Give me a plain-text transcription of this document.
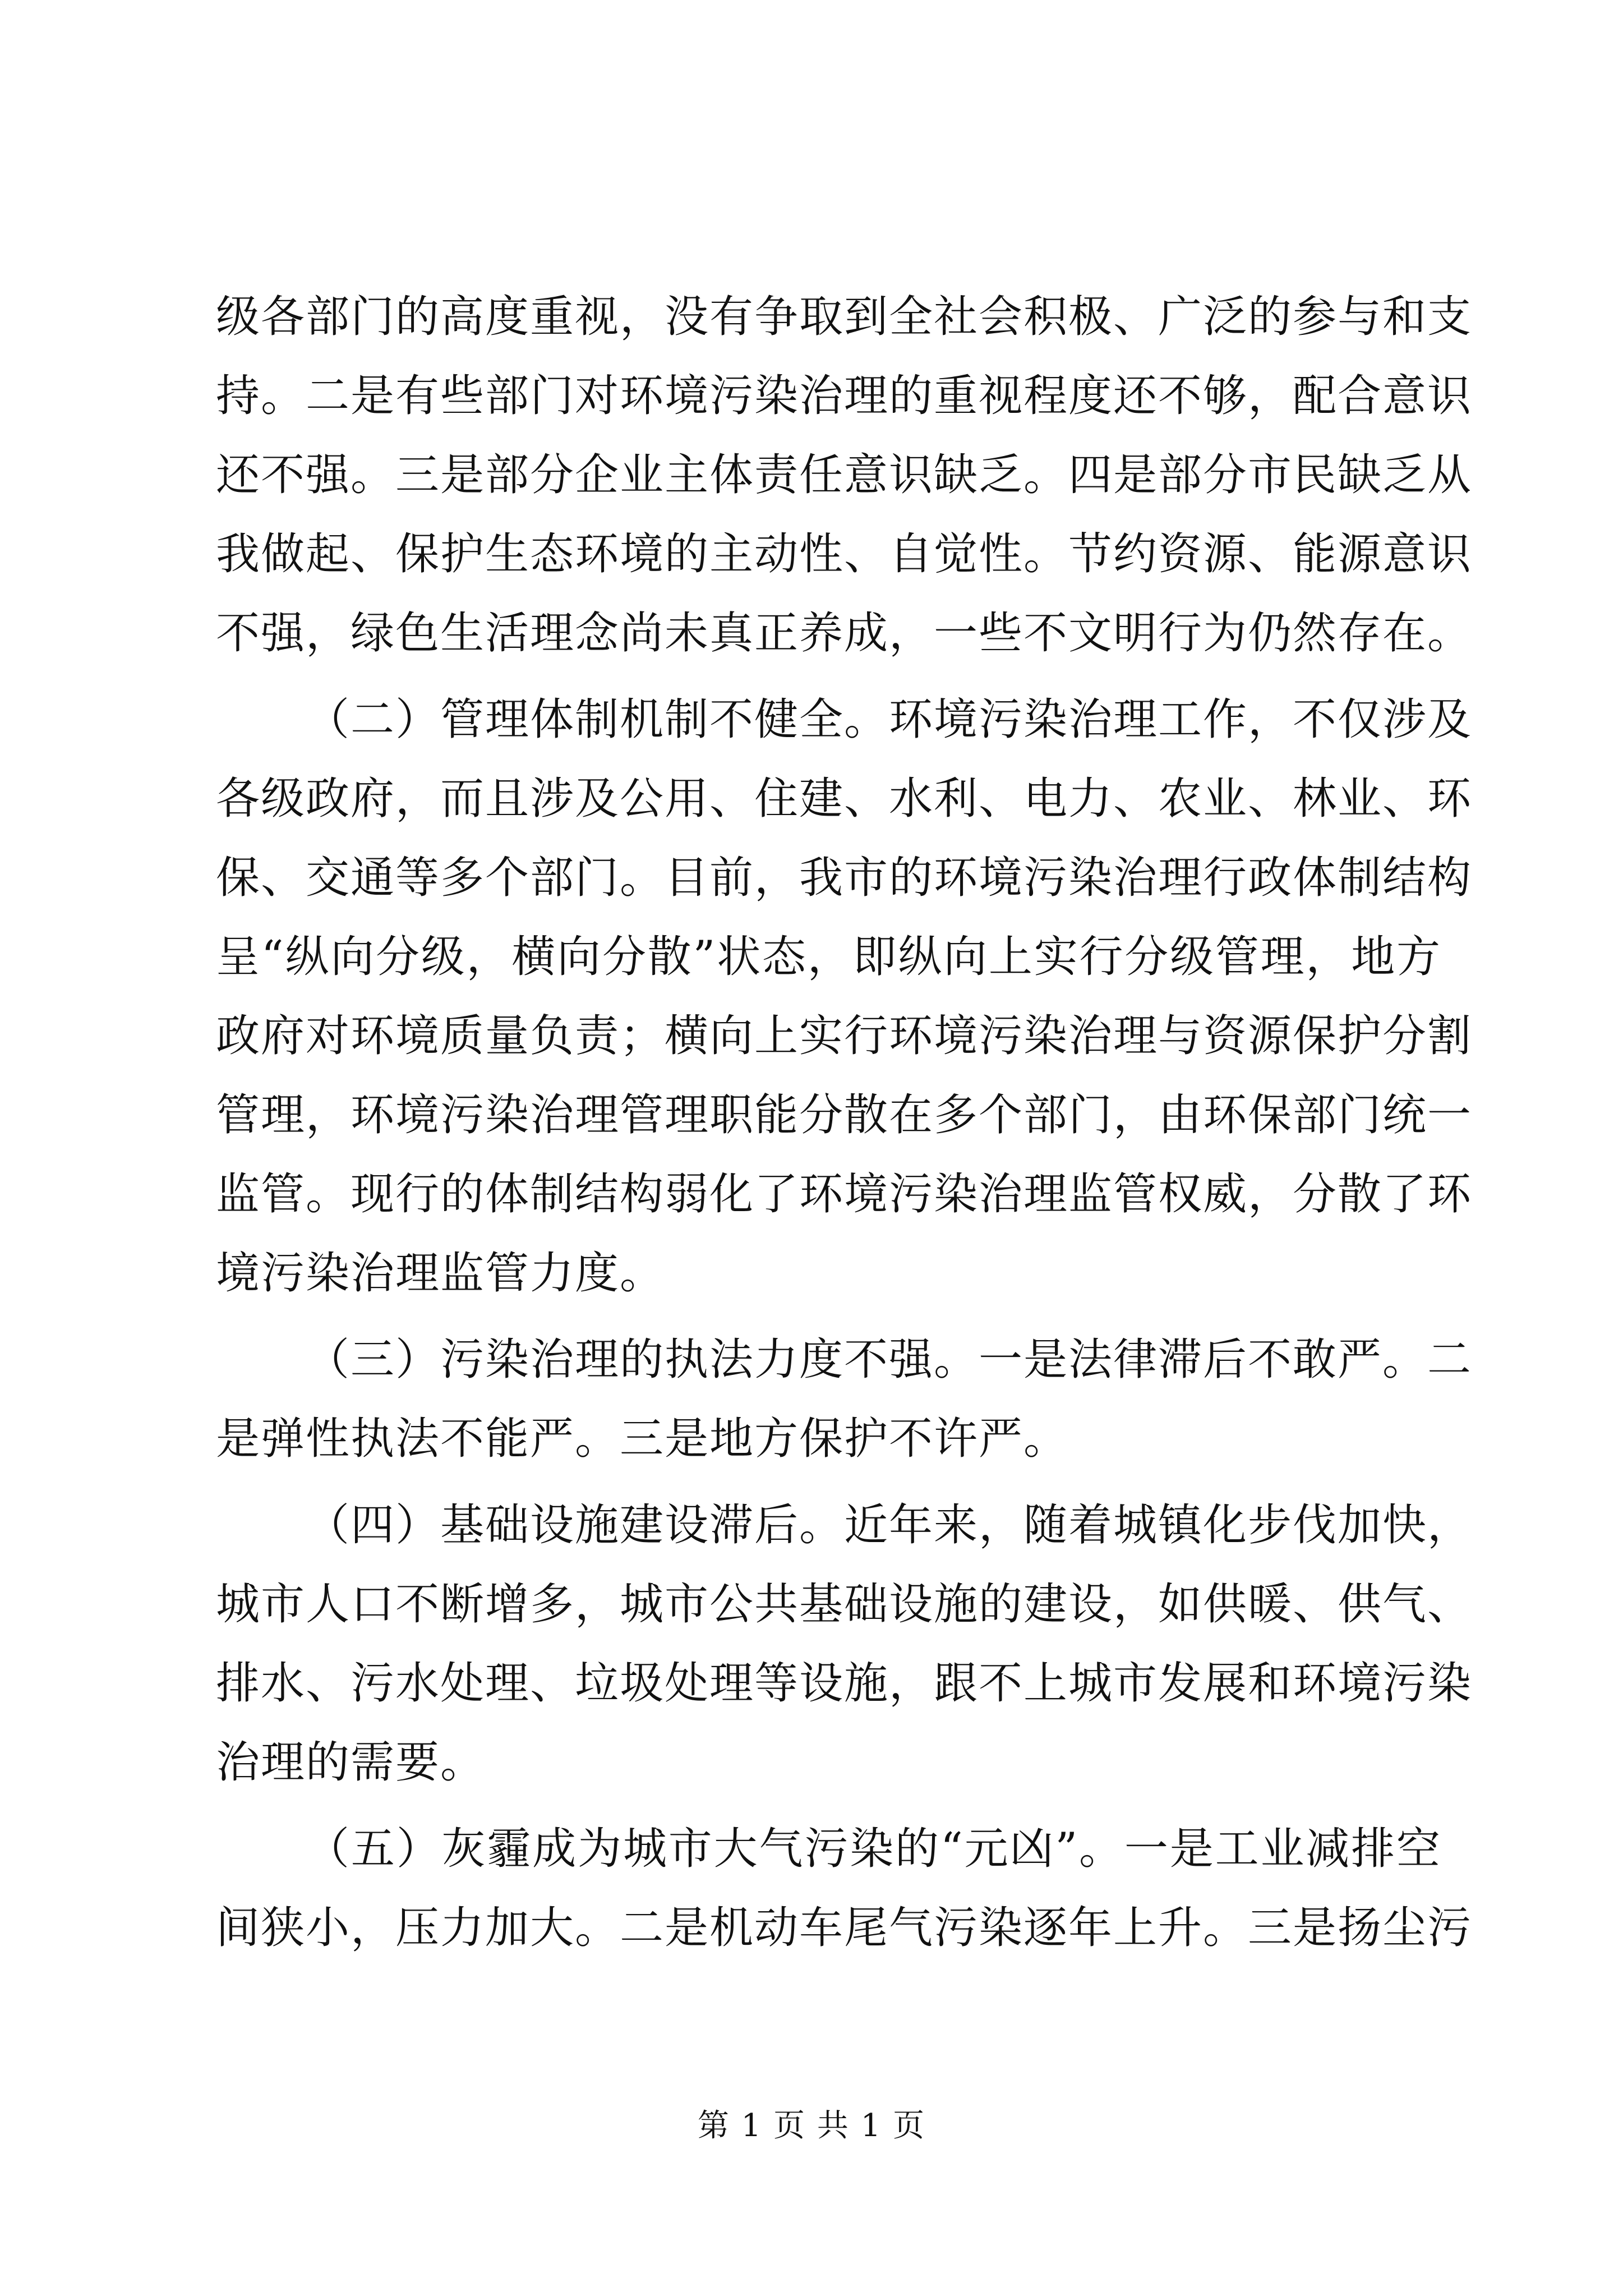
级各部门的高度重视，没有争取到全社会积极、广泛的参与和支
持。二是有些部门对环境污染治理的重视程度还不够，配合意识
还不强。三是部分企业主体责任意识缺乏。四是部分市民缺乏从
我做起、保护生态环境的主动性、自觉性。节约资源、能源意识
不强，绿色生活理念尚未真正养成，一些不文明行为仍然存在。
（二）管理体制机制不健全。环境污染治理工作，不仅涉及
各级政府，而且涉及公用、住建、水利、电力、农业、林业、环
保、交通等多个部门。目前，我市的环境污染治理行政体制结构
呈“纵向分级，横向分散”状态，即纵向上实行分级管理，地方
政府对环境质量负责；横向上实行环境污染治理与资源保护分割
管理，环境污染治理管理职能分散在多个部门，由环保部门统一
监管。现行的体制结构弱化了环境污染治理监管权威，分散了环
境污染治理监管力度。
（三）污染治理的执法力度不强。一是法律滞后不敢严。二
是弹性执法不能严。三是地方保护不许严。
（四）基础设施建设滞后。近年来，随着城镇化步伐加快，
城市人口不断增多，城市公共基础设施的建设，如供暖、供气、
排水、污水处理、垃圾处理等设施，跟不上城市发展和环境污染
治理的需要。
（五）灰霾成为城市大气污染的“元凶”。一是工业减排空
间狭小，压力加大。二是机动车尾气污染逐年上升。三是扬尘污
第 1 页 共 1 页
